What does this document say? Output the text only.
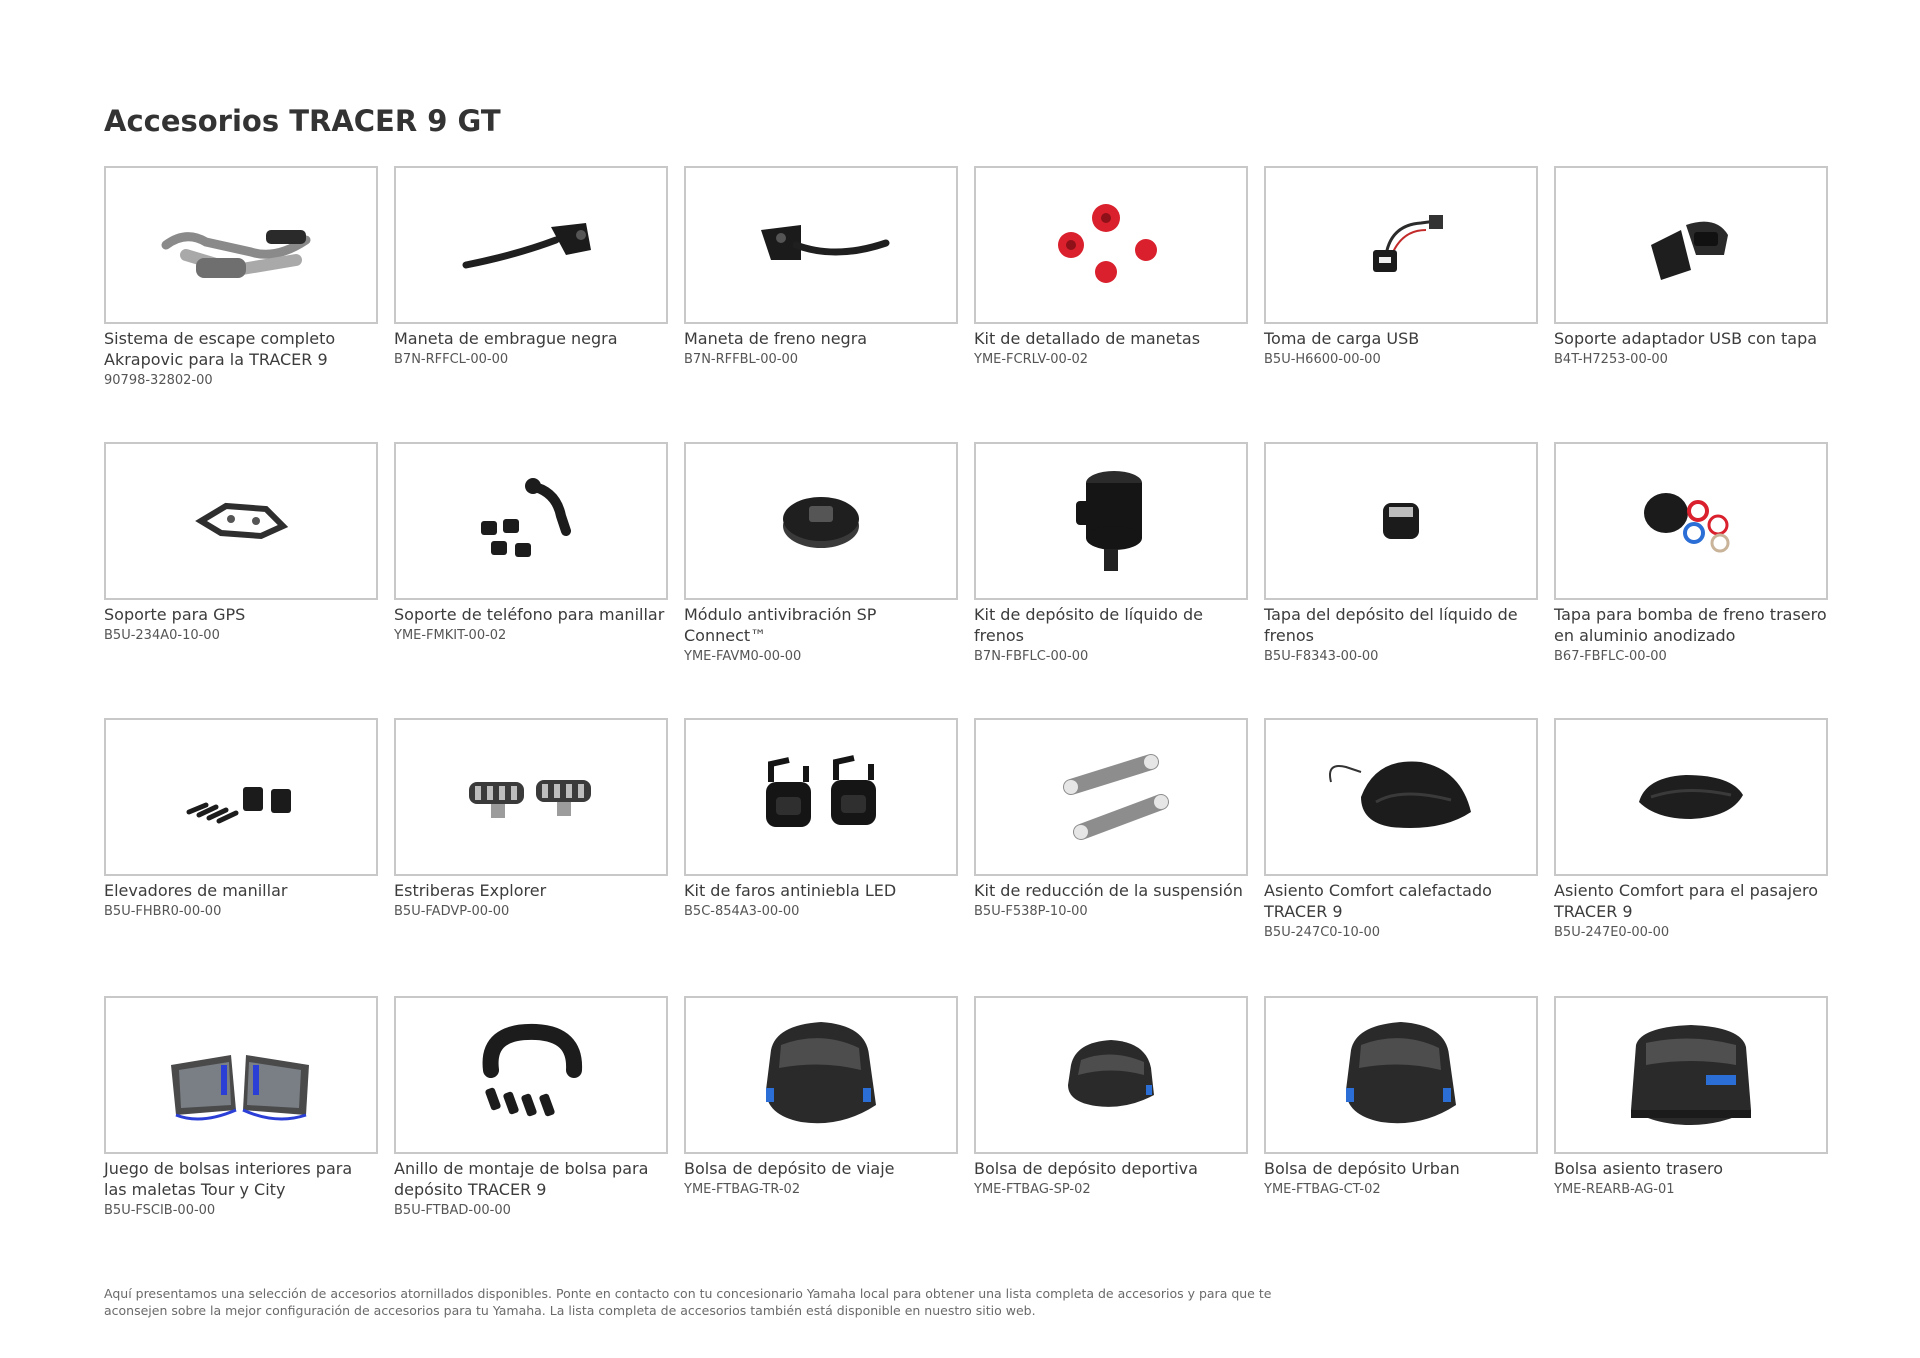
Accesorios TRACER 9 GT
Sistema de escape completo Akrapovic para la TRACER 9
90798-32802-00
Maneta de embrague negra
B7N-RFFCL-00-00
Maneta de freno negra
B7N-RFFBL-00-00
Kit de detallado de manetas
YME-FCRLV-00-02
Toma de carga USB
B5U-H6600-00-00
Soporte adaptador USB con tapa
B4T-H7253-00-00
Soporte para GPS
B5U-234A0-10-00
Soporte de teléfono para manillar
YME-FMKIT-00-02
Módulo antivibración SP Connect™
YME-FAVM0-00-00
Kit de depósito de líquido de frenos
B7N-FBFLC-00-00
Tapa del depósito del líquido de frenos
B5U-F8343-00-00
Tapa para bomba de freno trasero en aluminio anodizado
B67-FBFLC-00-00
Elevadores de manillar
B5U-FHBR0-00-00
Estriberas Explorer
B5U-FADVP-00-00
Kit de faros antiniebla LED
B5C-854A3-00-00
Kit de reducción de la suspensión
B5U-F538P-10-00
Asiento Comfort calefactado TRACER 9
B5U-247C0-10-00
Asiento Comfort para el pasajero TRACER 9
B5U-247E0-00-00
Juego de bolsas interiores para las maletas Tour y City
B5U-FSCIB-00-00
Anillo de montaje de bolsa para depósito TRACER 9
B5U-FTBAD-00-00
Bolsa de depósito de viaje
YME-FTBAG-TR-02
Bolsa de depósito deportiva
YME-FTBAG-SP-02
Bolsa de depósito Urban
YME-FTBAG-CT-02
Bolsa asiento trasero
YME-REARB-AG-01

Aquí presentamos una selección de accesorios atornillados disponibles. Ponte en contacto con tu concesionario Yamaha local para obtener una lista completa de accesorios y para que te aconsejen sobre la mejor configuración de accesorios para tu Yamaha. La lista completa de accesorios también está disponible en nuestro sitio web.
